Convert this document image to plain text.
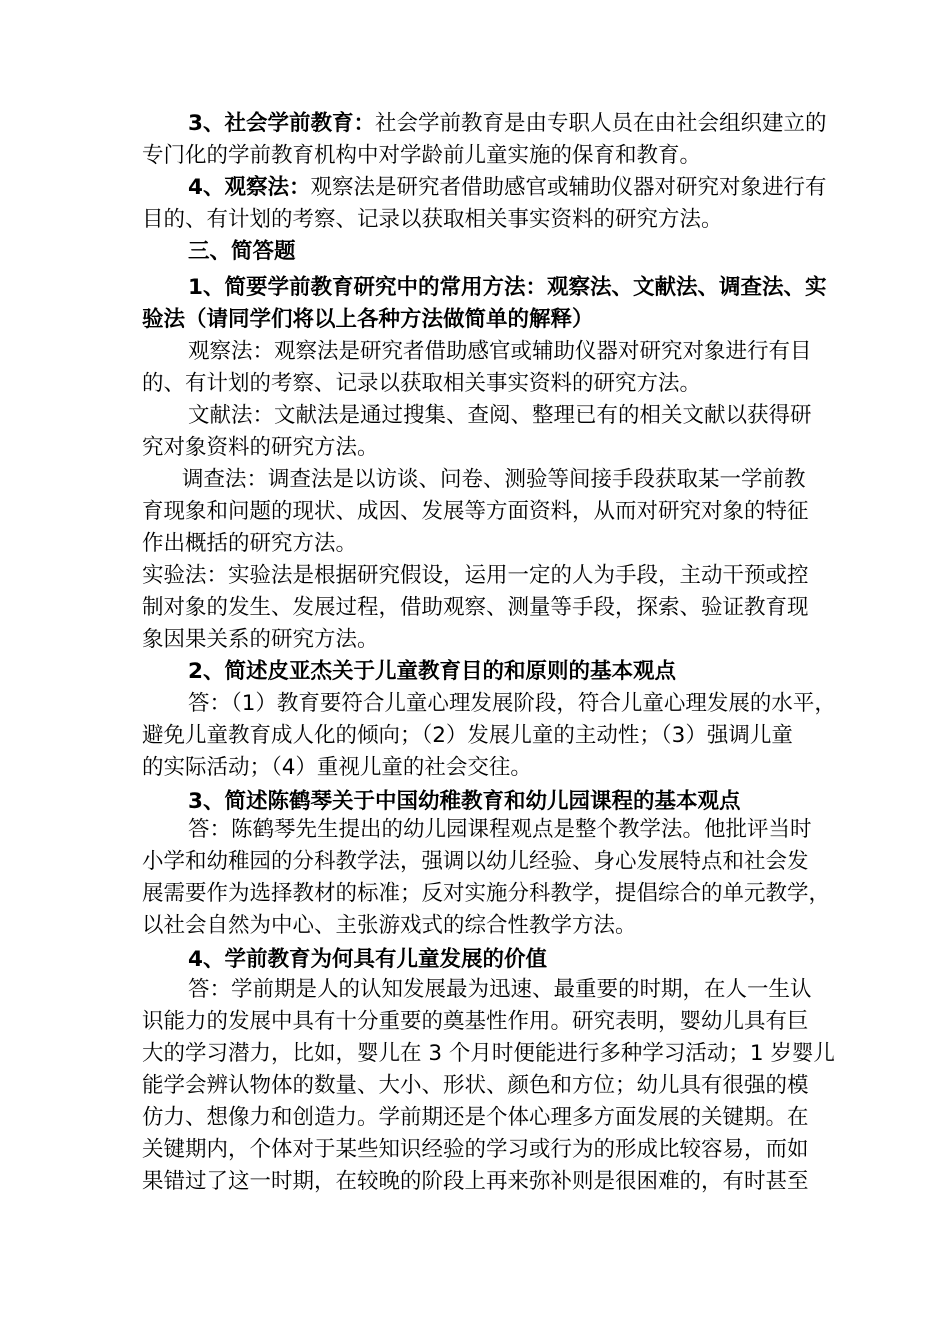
3、社会学前教育：社会学前教育是由专职人员在由社会组织建立的
专门化的学前教育机构中对学龄前儿童实施的保育和教育。
4、观察法：观察法是研究者借助感官或辅助仪器对研究对象进行有
目的、有计划的考察、记录以获取相关事实资料的研究方法。
三、简答题
1、简要学前教育研究中的常用方法：观察法、文献法、调查法、实
验法（请同学们将以上各种方法做简单的解释）
观察法：观察法是研究者借助感官或辅助仪器对研究对象进行有目
的、有计划的考察、记录以获取相关事实资料的研究方法。
文献法：文献法是通过搜集、查阅、整理已有的相关文献以获得研
究对象资料的研究方法。
调查法：调查法是以访谈、问卷、测验等间接手段获取某一学前教
育现象和问题的现状、成因、发展等方面资料，从而对研究对象的特征
作出概括的研究方法。
实验法：实验法是根据研究假设，运用一定的人为手段，主动干预或控
制对象的发生、发展过程，借助观察、测量等手段，探索、验证教育现
象因果关系的研究方法。
2、简述皮亚杰关于儿童教育目的和原则的基本观点
答：（1）教育要符合儿童心理发展阶段，符合儿童心理发展的水平，
避免儿童教育成人化的倾向；（2）发展儿童的主动性；（3）强调儿童
的实际活动；（4）重视儿童的社会交往。
3、简述陈鹤琴关于中国幼稚教育和幼儿园课程的基本观点
答：陈鹤琴先生提出的幼儿园课程观点是整个教学法。他批评当时
小学和幼稚园的分科教学法，强调以幼儿经验、身心发展特点和社会发
展需要作为选择教材的标准；反对实施分科教学，提倡综合的单元教学，
以社会自然为中心、主张游戏式的综合性教学方法。
4、学前教育为何具有儿童发展的价值
答：学前期是人的认知发展最为迅速、最重要的时期，在人一生认
识能力的发展中具有十分重要的奠基性作用。研究表明，婴幼儿具有巨
大的学习潜力，比如，婴儿在 3 个月时便能进行多种学习活动；1 岁婴儿
能学会辨认物体的数量、大小、形状、颜色和方位；幼儿具有很强的模
仿力、想像力和创造力。学前期还是个体心理多方面发展的关键期。在
关键期内，个体对于某些知识经验的学习或行为的形成比较容易，而如
果错过了这一时期，在较晚的阶段上再来弥补则是很困难的，有时甚至
